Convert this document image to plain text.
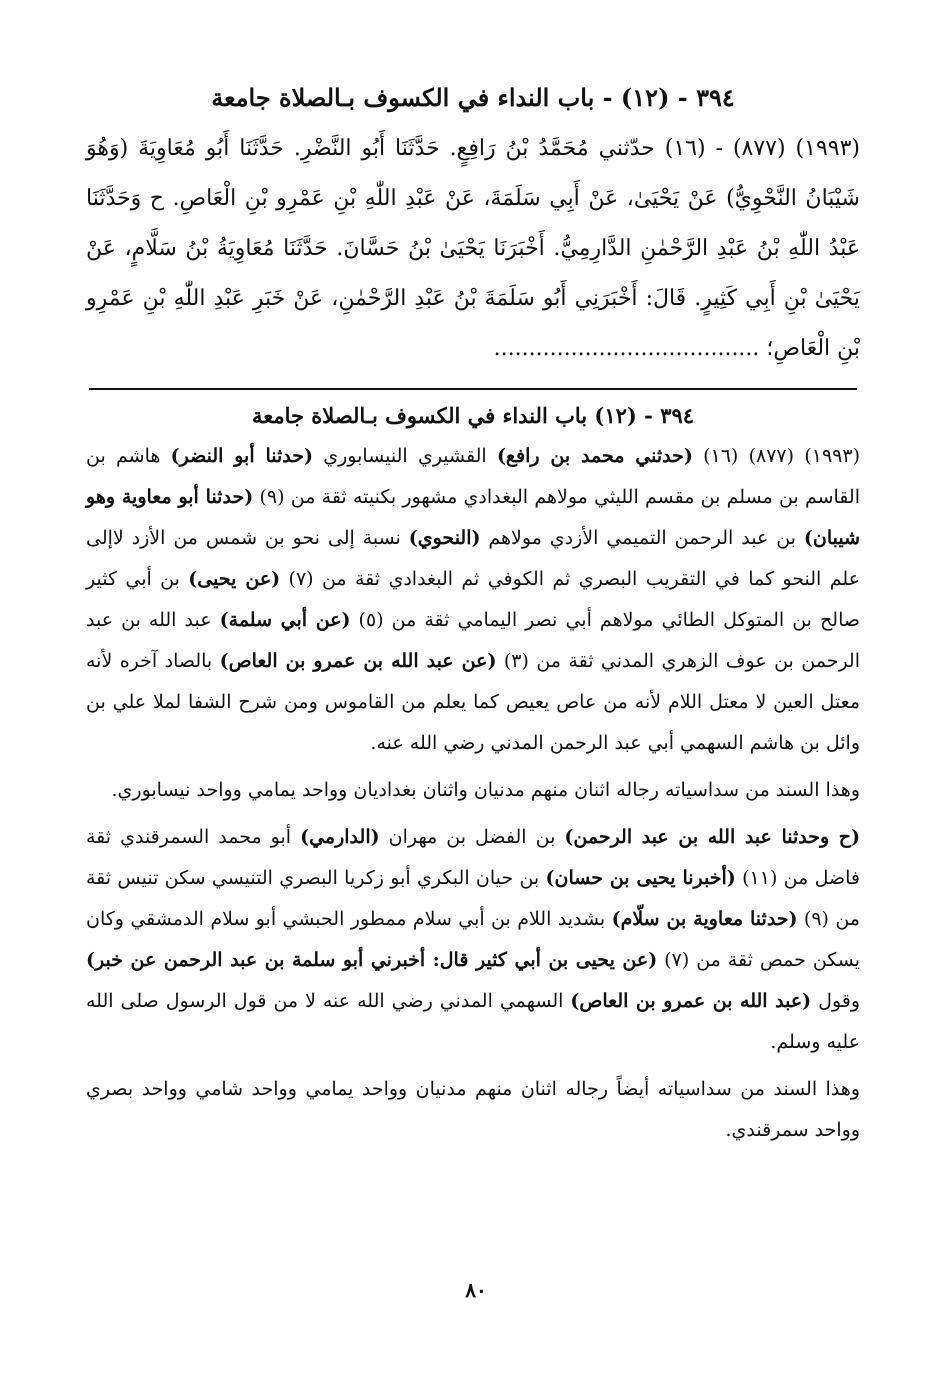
٣٩٤ - (١٢) - باب النداء في الكسوف بـالصلاة جامعة

(١٩٩٣) (٨٧٧) - (١٦) حدّثني مُحَمَّدُ بْنُ رَافِعٍ. حَدَّثَنَا أَبُو النَّضْرِ. حَدَّثَنَا أَبُو مُعَاوِيَةَ (وَهُوَ شَيْبَانُ النَّحْوِيُّ) عَنْ يَحْيَىٰ، عَنْ أَبِي سَلَمَةَ، عَنْ عَبْدِ اللّٰهِ بْنِ عَمْرِو بْنِ الْعَاصِ. ح وَحَدَّثَنَا عَبْدُ اللّٰهِ بْنُ عَبْدِ الرَّحْمٰنِ الدَّارِمِيُّ. أَخْبَرَنَا يَحْيَىٰ بْنُ حَسَّانَ. حَدَّثَنَا مُعَاوِيَةُ بْنُ سَلَّامٍ، عَنْ يَحْيَىٰ بْنِ أَبِي كَثِيرٍ. قَالَ: أَخْبَرَنِي أَبُو سَلَمَةَ بْنُ عَبْدِ الرَّحْمٰنِ، عَنْ خَبَرِ عَبْدِ اللّٰهِ بْنِ عَمْرِو بْنِ الْعَاصِ؛ ......................................

٣٩٤ - (١٢) باب النداء في الكسوف بـالصلاة جامعة

(١٩٩٣) (٨٧٧) (١٦) (حدثني محمد بن رافع) القشيري النيسابوري (حدثنا أبو النضر) هاشم بن القاسم بن مسلم بن مقسم الليثي مولاهم البغدادي مشهور بكنيته ثقة من (٩) (حدثنا أبو معاوية وهو شيبان) بن عبد الرحمن التميمي الأزدي مولاهم (النحوي) نسبة إلى نحو بن شمس من الأزد لاإلى علم النحو كما في التقريب البصري ثم الكوفي ثم البغدادي ثقة من (٧) (عن يحيى) بن أبي كثير صالح بن المتوكل الطائي مولاهم أبي نصر اليمامي ثقة من (٥) (عن أبي سلمة) عبد الله بن عبد الرحمن بن عوف الزهري المدني ثقة من (٣) (عن عبد الله بن عمرو بن العاص) بالصاد آخره لأنه معتل العين لا معتل اللام لأنه من عاص يعيص كما يعلم من القاموس ومن شرح الشفا لملا علي بن وائل بن هاشم السهمي أبي عبد الرحمن المدني رضي الله عنه.

وهذا السند من سداسياته رجاله اثنان منهم مدنيان واثنان بغداديان وواحد يمامي وواحد نيسابوري.

(ح وحدثنا عبد الله بن عبد الرحمن) بن الفضل بن مهران (الدارمي) أبو محمد السمرقندي ثقة فاضل من (١١) (أخبرنا يحيى بن حسان) بن حيان البكري أبو زكريا البصري التنيسي سكن تنيس ثقة من (٩) (حدثنا معاوية بن سلّام) بشديد اللام بن أبي سلام ممطور الحبشي أبو سلام الدمشقي وكان يسكن حمص ثقة من (٧) (عن يحيى بن أبي كثير قال: أخبرني أبو سلمة بن عبد الرحمن عن خبر) وقول (عبد الله بن عمرو بن العاص) السهمي المدني رضي الله عنه لا من قول الرسول صلى الله عليه وسلم.

وهذا السند من سداسياته أيضاً رجاله اثنان منهم مدنيان وواحد يمامي وواحد شامي وواحد بصري وواحد سمرقندي.

٨٠
